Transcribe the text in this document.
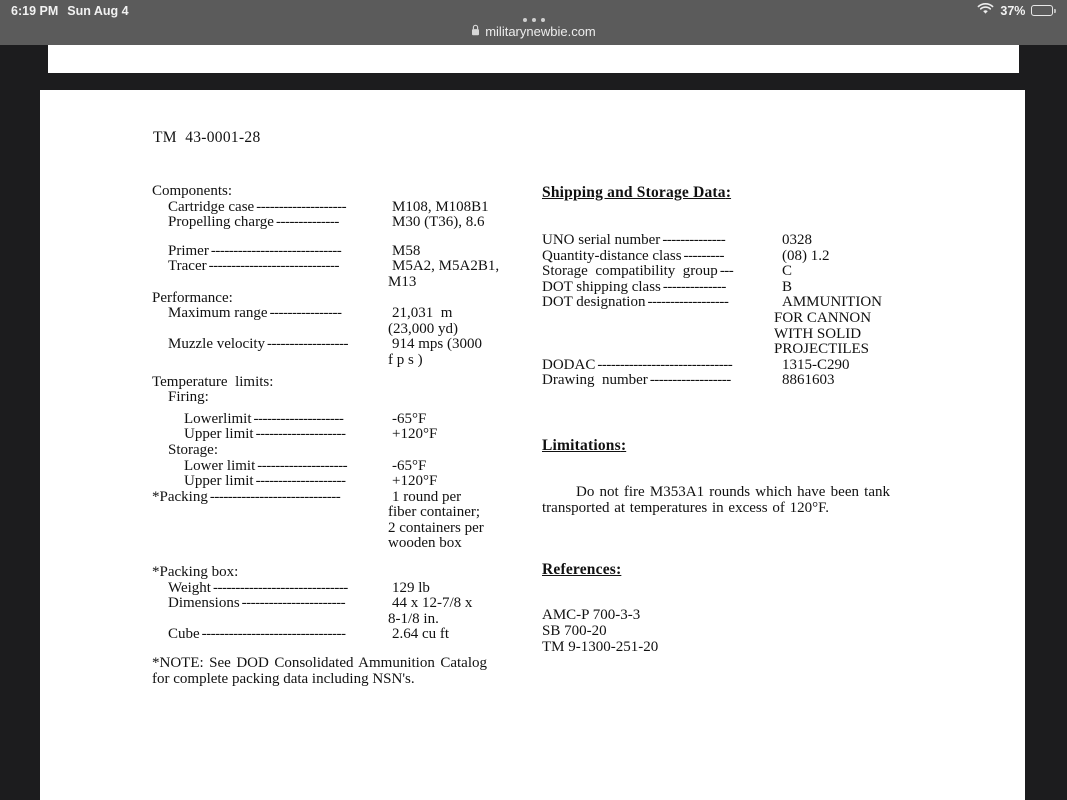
6:19 PM Sun Aug 4	37%
militarynewbie.com
TM  43-0001-28
Components:
Cartridge case --------------------	M108, M108B1
Propelling charge --------------	M30 (T36), 8.6
Primer -----------------------------	M58
Tracer -----------------------------	M5A2, M5A2B1,
M13
Performance:
Maximum range ----------------	21,031  m
(23,000 yd)
Muzzle velocity ------------------	914 mps (3000
f p s )
Temperature  limits:
Firing:
Lowerlimit --------------------	-65°F
Upper limit --------------------	+120°F
Storage:
Lower limit --------------------	-65°F
Upper limit --------------------	+120°F
*Packing -----------------------------	1 round per
fiber container;
2 containers per
wooden box
*Packing box:
Weight ------------------------------	129 lb
Dimensions -----------------------	44 x 12-7/8 x
8-1/8 in.
Cube --------------------------------	2.64 cu ft
*NOTE: See DOD Consolidated Ammunition Catalog for complete packing data including NSN's.
Shipping and Storage Data:
UNO serial number --------------	0328
Quantity-distance class ---------	(08) 1.2
Storage  compatibility  group ---	C
DOT shipping class --------------	B
DOT designation ------------------	AMMUNITION
FOR CANNON
WITH SOLID
PROJECTILES
DODAC ------------------------------	1315-C290
Drawing  number ------------------	8861603
Limitations:
Do not fire M353A1 rounds which have been tank transported at temperatures in excess of 120°F.
References:
AMC-P 700-3-3
SB 700-20
TM 9-1300-251-20
